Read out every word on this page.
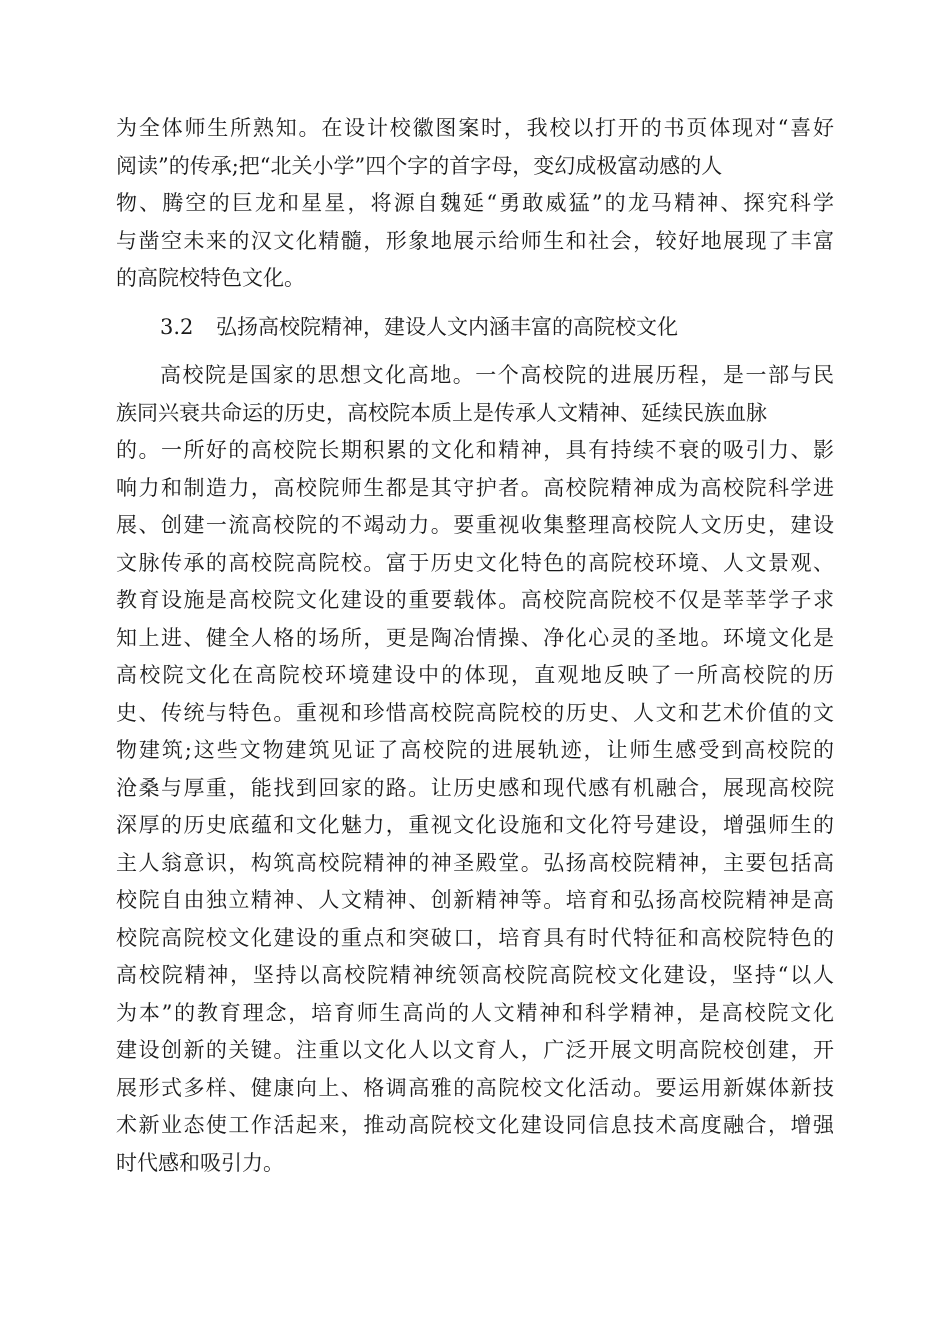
为全体师生所熟知。在设计校徽图案时，我校以打开的书页体现对“喜好
阅读”的传承;把“北关小学”四个字的首字母，变幻成极富动感的人
物、腾空的巨龙和星星，将源自魏延“勇敢威猛”的龙马精神、探究科学
与凿空未来的汉文化精髓，形象地展示给师生和社会，较好地展现了丰富
的高院校特色文化。
3.2 弘扬高校院精神，建设人文内涵丰富的高院校文化
高校院是国家的思想文化高地。一个高校院的进展历程，是一部与民
族同兴衰共命运的历史，高校院本质上是传承人文精神、延续民族血脉
的。一所好的高校院长期积累的文化和精神，具有持续不衰的吸引力、影
响力和制造力，高校院师生都是其守护者。高校院精神成为高校院科学进
展、创建一流高校院的不竭动力。要重视收集整理高校院人文历史，建设
文脉传承的高校院高院校。富于历史文化特色的高院校环境、人文景观、
教育设施是高校院文化建设的重要载体。高校院高院校不仅是莘莘学子求
知上进、健全人格的场所，更是陶冶情操、净化心灵的圣地。环境文化是
高校院文化在高院校环境建设中的体现，直观地反映了一所高校院的历
史、传统与特色。重视和珍惜高校院高院校的历史、人文和艺术价值的文
物建筑;这些文物建筑见证了高校院的进展轨迹，让师生感受到高校院的
沧桑与厚重，能找到回家的路。让历史感和现代感有机融合，展现高校院
深厚的历史底蕴和文化魅力，重视文化设施和文化符号建设，增强师生的
主人翁意识，构筑高校院精神的神圣殿堂。弘扬高校院精神，主要包括高
校院自由独立精神、人文精神、创新精神等。培育和弘扬高校院精神是高
校院高院校文化建设的重点和突破口，培育具有时代特征和高校院特色的
高校院精神，坚持以高校院精神统领高校院高院校文化建设，坚持“以人
为本”的教育理念，培育师生高尚的人文精神和科学精神，是高校院文化
建设创新的关键。注重以文化人以文育人，广泛开展文明高院校创建，开
展形式多样、健康向上、格调高雅的高院校文化活动。要运用新媒体新技
术新业态使工作活起来，推动高院校文化建设同信息技术高度融合，增强
时代感和吸引力。
